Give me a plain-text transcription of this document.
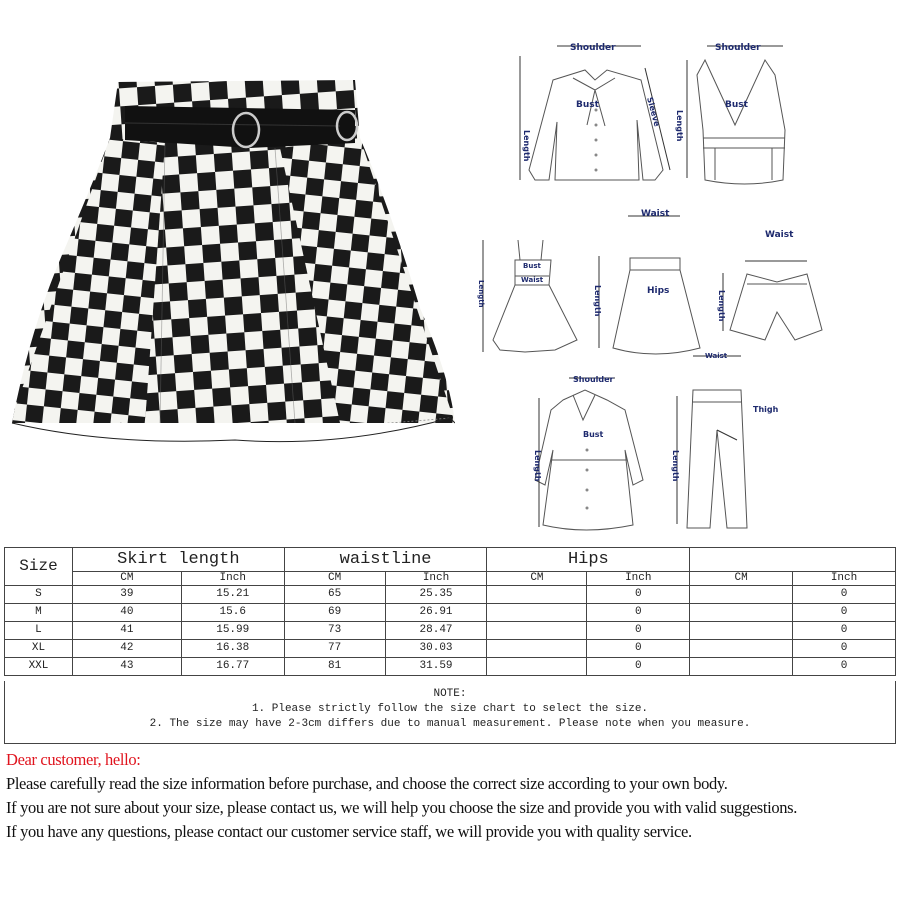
Shoulder
Bust
Length
Sleeve
Shoulder
Bust
Length
Bust
Waist
Length
Waist
Hips
Length
Waist
Length
Shoulder
Bust
Length
Waist
Thigh
Length
Size	Skirt length		waistline		Hips			
	CM	Inch	CM	Inch	CM	Inch	CM	Inch
S	39	15.21	65	25.35		0		0
M	40	15.6	69	26.91		0		0
L	41	15.99	73	28.47		0		0
XL	42	16.38	77	30.03		0		0
XXL	43	16.77	81	31.59		0		0
NOTE:
1. Please strictly follow the size chart to select the size.
2. The size may have 2-3cm differs due to manual measurement. Please note when you measure.
Dear customer, hello:
Please carefully read the size information before purchase, and choose the correct size according to your own body.
If you are not sure about your size, please contact us, we will help you choose the size and provide you with valid suggestions.
If you have any questions, please contact our customer service staff, we will provide you with quality service.
